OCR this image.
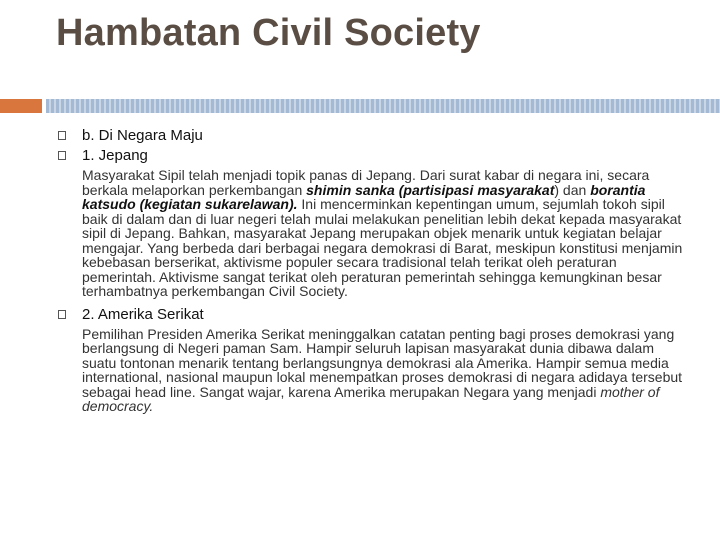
Hambatan Civil Society
b. Di Negara Maju
1. Jepang
Masyarakat Sipil telah menjadi topik panas di Jepang. Dari surat kabar di negara ini, secara berkala melaporkan perkembangan shimin sanka (partisipasi masyarakat) dan borantia katsudo (kegiatan sukarelawan). Ini mencerminkan kepentingan umum, sejumlah tokoh sipil baik di dalam dan di luar negeri telah mulai melakukan penelitian lebih dekat kepada masyarakat sipil di Jepang. Bahkan, masyarakat Jepang merupakan objek menarik untuk kegiatan belajar mengajar. Yang berbeda dari berbagai negara demokrasi di Barat, meskipun konstitusi menjamin kebebasan berserikat, aktivisme populer secara tradisional telah terikat oleh peraturan pemerintah. Aktivisme sangat terikat oleh peraturan pemerintah sehingga kemungkinan besar terhambatnya perkembangan Civil Society.
2. Amerika Serikat
Pemilihan Presiden Amerika Serikat meninggalkan catatan penting bagi proses demokrasi yang berlangsung di Negeri paman Sam. Hampir seluruh lapisan masyarakat dunia dibawa dalam suatu tontonan menarik tentang berlangsungnya demokrasi ala Amerika. Hampir semua media international, nasional maupun lokal menempatkan proses demokrasi di negara adidaya tersebut sebagai head line. Sangat wajar, karena Amerika merupakan Negara yang menjadi mother of democracy.
